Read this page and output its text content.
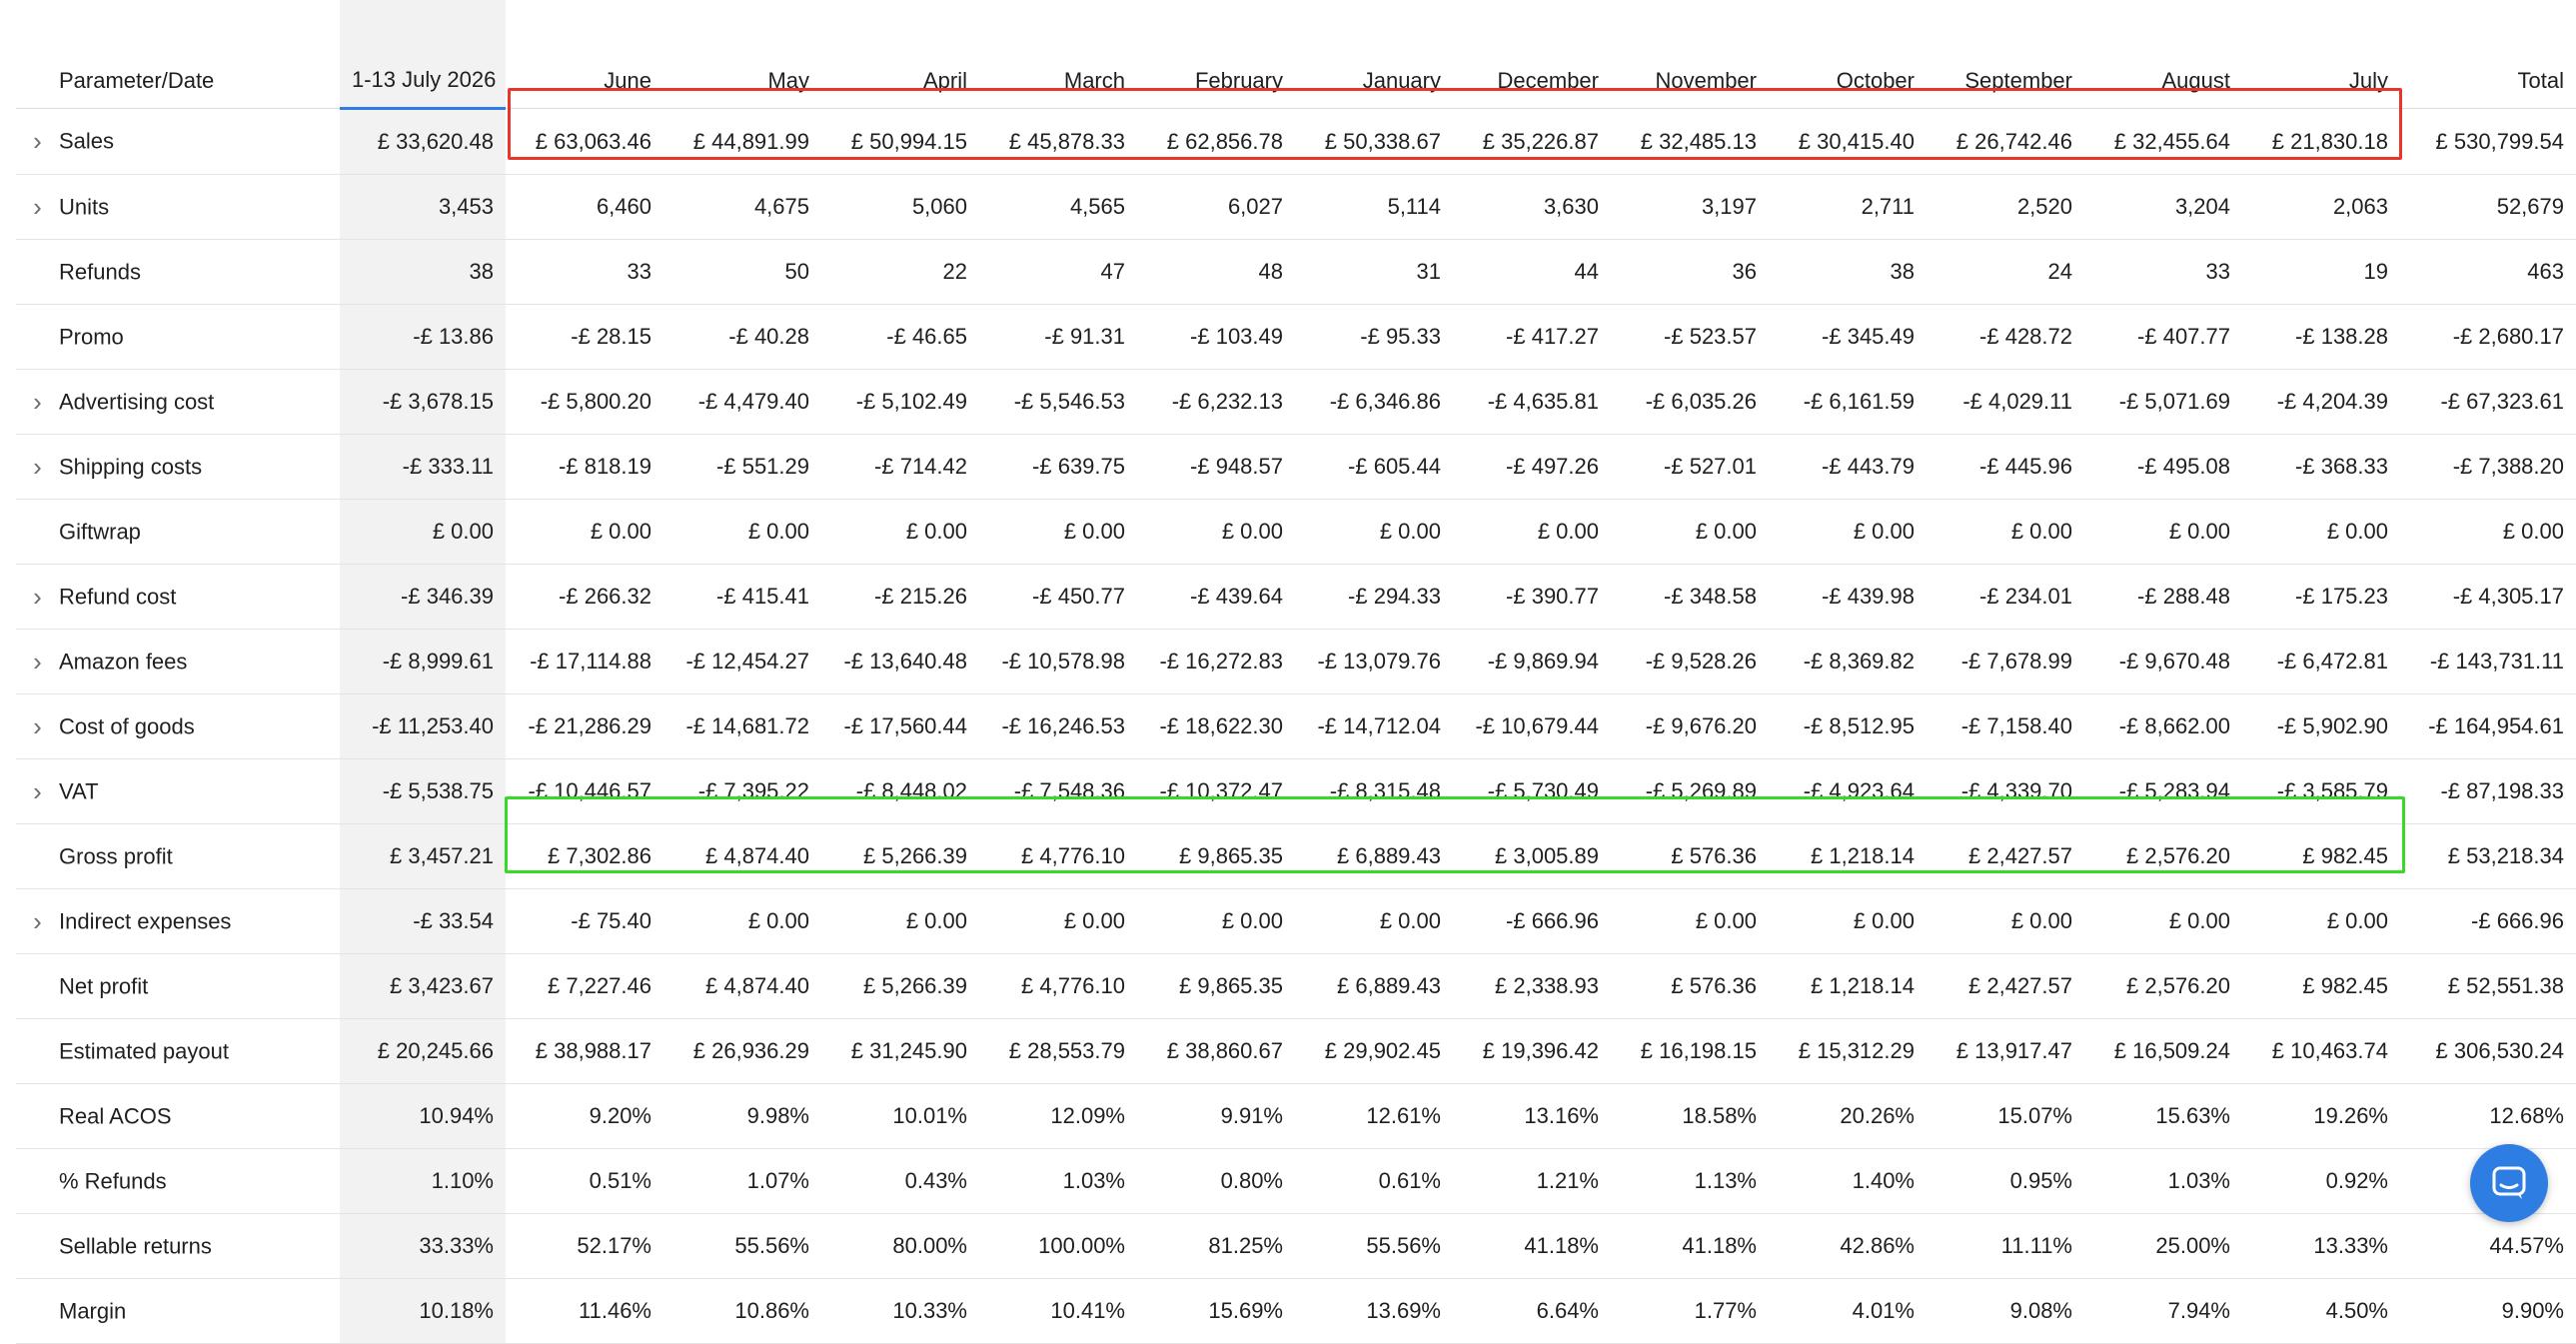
Parameter/Date	1-13 July 2026	June	May	April	March	February	January	December	November	October	September	August	July	Total
› Sales	£ 33,620.48	£ 63,063.46	£ 44,891.99	£ 50,994.15	£ 45,878.33	£ 62,856.78	£ 50,338.67	£ 35,226.87	£ 32,485.13	£ 30,415.40	£ 26,742.46	£ 32,455.64	£ 21,830.18	£ 530,799.54
› Units	3,453	6,460	4,675	5,060	4,565	6,027	5,114	3,630	3,197	2,711	2,520	3,204	2,063	52,679
Refunds	38	33	50	22	47	48	31	44	36	38	24	33	19	463
Promo	-£ 13.86	-£ 28.15	-£ 40.28	-£ 46.65	-£ 91.31	-£ 103.49	-£ 95.33	-£ 417.27	-£ 523.57	-£ 345.49	-£ 428.72	-£ 407.77	-£ 138.28	-£ 2,680.17
› Advertising cost	-£ 3,678.15	-£ 5,800.20	-£ 4,479.40	-£ 5,102.49	-£ 5,546.53	-£ 6,232.13	-£ 6,346.86	-£ 4,635.81	-£ 6,035.26	-£ 6,161.59	-£ 4,029.11	-£ 5,071.69	-£ 4,204.39	-£ 67,323.61
› Shipping costs	-£ 333.11	-£ 818.19	-£ 551.29	-£ 714.42	-£ 639.75	-£ 948.57	-£ 605.44	-£ 497.26	-£ 527.01	-£ 443.79	-£ 445.96	-£ 495.08	-£ 368.33	-£ 7,388.20
Giftwrap	£ 0.00	£ 0.00	£ 0.00	£ 0.00	£ 0.00	£ 0.00	£ 0.00	£ 0.00	£ 0.00	£ 0.00	£ 0.00	£ 0.00	£ 0.00	£ 0.00
› Refund cost	-£ 346.39	-£ 266.32	-£ 415.41	-£ 215.26	-£ 450.77	-£ 439.64	-£ 294.33	-£ 390.77	-£ 348.58	-£ 439.98	-£ 234.01	-£ 288.48	-£ 175.23	-£ 4,305.17
› Amazon fees	-£ 8,999.61	-£ 17,114.88	-£ 12,454.27	-£ 13,640.48	-£ 10,578.98	-£ 16,272.83	-£ 13,079.76	-£ 9,869.94	-£ 9,528.26	-£ 8,369.82	-£ 7,678.99	-£ 9,670.48	-£ 6,472.81	-£ 143,731.11
› Cost of goods	-£ 11,253.40	-£ 21,286.29	-£ 14,681.72	-£ 17,560.44	-£ 16,246.53	-£ 18,622.30	-£ 14,712.04	-£ 10,679.44	-£ 9,676.20	-£ 8,512.95	-£ 7,158.40	-£ 8,662.00	-£ 5,902.90	-£ 164,954.61
› VAT	-£ 5,538.75	-£ 10,446.57	-£ 7,395.22	-£ 8,448.02	-£ 7,548.36	-£ 10,372.47	-£ 8,315.48	-£ 5,730.49	-£ 5,269.89	-£ 4,923.64	-£ 4,339.70	-£ 5,283.94	-£ 3,585.79	-£ 87,198.33
Gross profit	£ 3,457.21	£ 7,302.86	£ 4,874.40	£ 5,266.39	£ 4,776.10	£ 9,865.35	£ 6,889.43	£ 3,005.89	£ 576.36	£ 1,218.14	£ 2,427.57	£ 2,576.20	£ 982.45	£ 53,218.34
› Indirect expenses	-£ 33.54	-£ 75.40	£ 0.00	£ 0.00	£ 0.00	£ 0.00	£ 0.00	-£ 666.96	£ 0.00	£ 0.00	£ 0.00	£ 0.00	£ 0.00	-£ 666.96
Net profit	£ 3,423.67	£ 7,227.46	£ 4,874.40	£ 5,266.39	£ 4,776.10	£ 9,865.35	£ 6,889.43	£ 2,338.93	£ 576.36	£ 1,218.14	£ 2,427.57	£ 2,576.20	£ 982.45	£ 52,551.38
Estimated payout	£ 20,245.66	£ 38,988.17	£ 26,936.29	£ 31,245.90	£ 28,553.79	£ 38,860.67	£ 29,902.45	£ 19,396.42	£ 16,198.15	£ 15,312.29	£ 13,917.47	£ 16,509.24	£ 10,463.74	£ 306,530.24
Real ACOS	10.94%	9.20%	9.98%	10.01%	12.09%	9.91%	12.61%	13.16%	18.58%	20.26%	15.07%	15.63%	19.26%	12.68%
% Refunds	1.10%	0.51%	1.07%	0.43%	1.03%	0.80%	0.61%	1.21%	1.13%	1.40%	0.95%	1.03%	0.92%	
Sellable returns	33.33%	52.17%	55.56%	80.00%	100.00%	81.25%	55.56%	41.18%	41.18%	42.86%	11.11%	25.00%	13.33%	44.57%
Margin	10.18%	11.46%	10.86%	10.33%	10.41%	15.69%	13.69%	6.64%	1.77%	4.01%	9.08%	7.94%	4.50%	9.90%
